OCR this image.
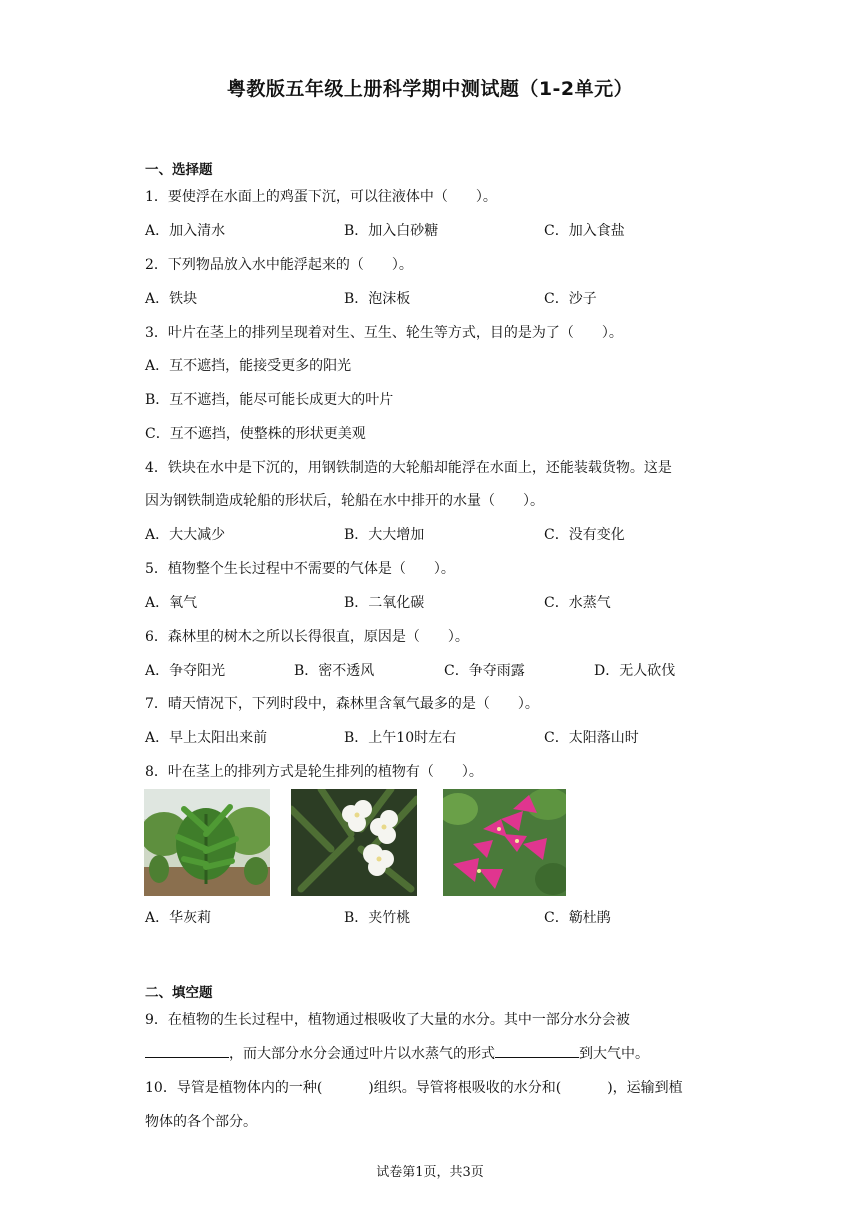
粤教版五年级上册科学期中测试题（1-2单元）
一、选择题
1．要使浮在水面上的鸡蛋下沉，可以往液体中（　　）。
A．加入清水	B．加入白砂糖	C．加入食盐
2．下列物品放入水中能浮起来的（　　）。
A．铁块	B．泡沫板	C．沙子
3．叶片在茎上的排列呈现着对生、互生、轮生等方式，目的是为了（　　）。
A．互不遮挡，能接受更多的阳光
B．互不遮挡，能尽可能长成更大的叶片
C．互不遮挡，使整株的形状更美观
4．铁块在水中是下沉的，用钢铁制造的大轮船却能浮在水面上，还能装载货物。这是
因为钢铁制造成轮船的形状后，轮船在水中排开的水量（　　）。
A．大大减少	B．大大增加	C．没有变化
5．植物整个生长过程中不需要的气体是（　　）。
A．氧气	B．二氧化碳	C．水蒸气
6．森林里的树木之所以长得很直，原因是（　　）。
A．争夺阳光	B．密不透风	C．争夺雨露	D．无人砍伐
7．晴天情况下，下列时段中，森林里含氧气最多的是（　　）。
A．早上太阳出来前	B．上午10时左右	C．太阳落山时
8．叶在茎上的排列方式是轮生排列的植物有（　　）。
A．华灰莉	B．夹竹桃	C．簕杜鹃
二、填空题
9．在植物的生长过程中，植物通过根吸收了大量的水分。其中一部分水分会被
，而大部分水分会通过叶片以水蒸气的形式	到大气中。
10．导管是植物体内的一种(	)组织。导管将根吸收的水分和(	)，运输到植
物体的各个部分。
试卷第1页，共3页
